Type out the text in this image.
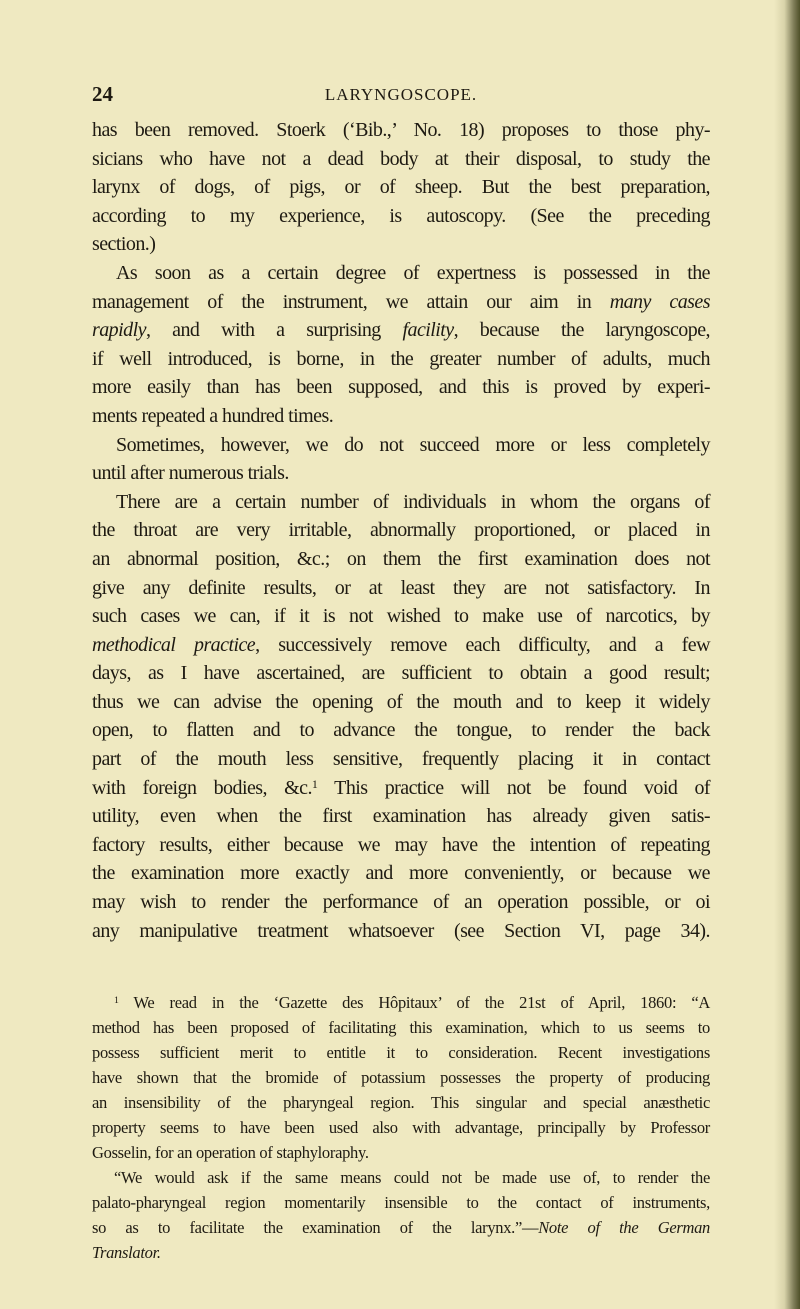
24	LARYNGOSCOPE.
has been removed. Stoerk (‘Bib.,’ No. 18) proposes to those phy-
sicians who have not a dead body at their disposal, to study the
larynx of dogs, of pigs, or of sheep. But the best preparation,
according to my experience, is autoscopy. (See the preceding
section.)
As soon as a certain degree of expertness is possessed in the
management of the instrument, we attain our aim in many cases
rapidly, and with a surprising facility, because the laryngoscope,
if well introduced, is borne, in the greater number of adults, much
more easily than has been supposed, and this is proved by experi-
ments repeated a hundred times.
Sometimes, however, we do not succeed more or less completely
until after numerous trials.
There are a certain number of individuals in whom the organs of
the throat are very irritable, abnormally proportioned, or placed in
an abnormal position, &c.; on them the first examination does not
give any definite results, or at least they are not satisfactory. In
such cases we can, if it is not wished to make use of narcotics, by
methodical practice, successively remove each difficulty, and a few
days, as I have ascertained, are sufficient to obtain a good result;
thus we can advise the opening of the mouth and to keep it widely
open, to flatten and to advance the tongue, to render the back
part of the mouth less sensitive, frequently placing it in contact
with foreign bodies, &c.$^1$ This practice will not be found void of
utility, even when the first examination has already given satis-
factory results, either because we may have the intention of repeating
the examination more exactly and more conveniently, or because we
may wish to render the performance of an operation possible, or oi
any manipulative treatment whatsoever (see Section VI, page 34).
$^1$ We read in the ‘Gazette des Hôpitaux’ of the 21st of April, 1860: “A
method has been proposed of facilitating this examination, which to us seems to
possess sufficient merit to entitle it to consideration. Recent investigations
have shown that the bromide of potassium possesses the property of producing
an insensibility of the pharyngeal region. This singular and special anæsthetic
property seems to have been used also with advantage, principally by Professor
Gosselin, for an operation of staphyloraphy.
“We would ask if the same means could not be made use of, to render the
palato-pharyngeal region momentarily insensible to the contact of instruments,
so as to facilitate the examination of the larynx.”—Note of the German
Translator.
